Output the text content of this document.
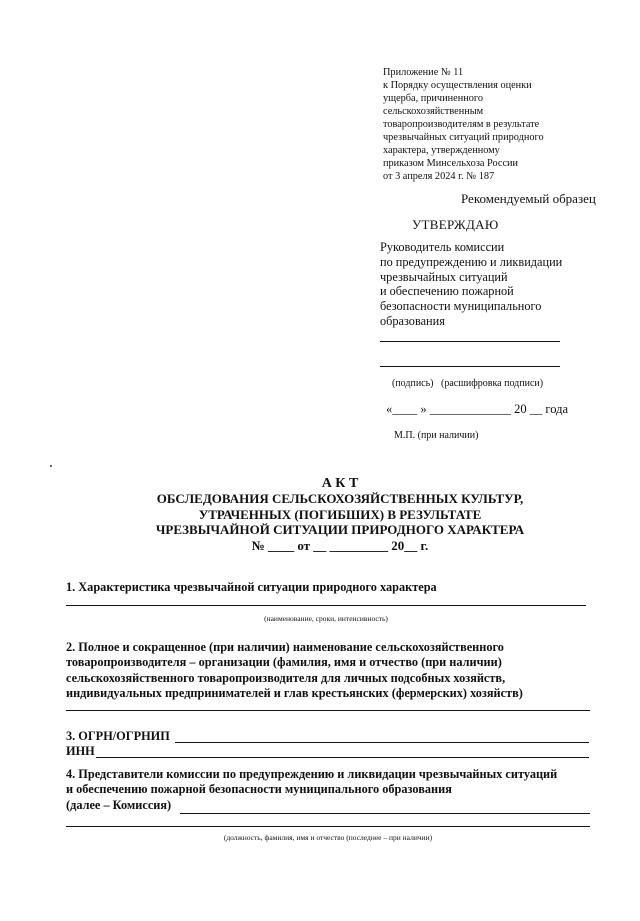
Приложение № 11
к Порядку осуществления оценки
ущерба, причиненного
сельскохозяйственным
товаропроизводителям в результате
чрезвычайных ситуаций природного
характера, утвержденному
приказом Минсельхоза России
от 3 апреля 2024 г. № 187
Рекомендуемый образец
УТВЕРЖДАЮ
Руководитель комиссии
по предупреждению и ликвидации
чрезвычайных ситуаций
и обеспечению пожарной
безопасности муниципального
образования
(подпись)   (расшифровка подписи)
«____ » _____________ 20 __ года
М.П. (при наличии)
А К Т
ОБСЛЕДОВАНИЯ СЕЛЬСКОХОЗЯЙСТВЕННЫХ КУЛЬТУР,
УТРАЧЕННЫХ (ПОГИБШИХ) В РЕЗУЛЬТАТЕ
ЧРЕЗВЫЧАЙНОЙ СИТУАЦИИ ПРИРОДНОГО ХАРАКТЕРА
№ ____ от __ _________ 20__ г.
1. Характеристика чрезвычайной ситуации природного характера
(наименование, сроки, интенсивность)
2. Полное и сокращенное (при наличии) наименование сельскохозяйственного
товаропроизводителя – организации (фамилия, имя и отчество (при наличии)
сельскохозяйственного товаропроизводителя для личных подсобных хозяйств,
индивидуальных предпринимателей и глав крестьянских (фермерских) хозяйств)
3. ОГРН/ОГРНИП
ИНН
4. Представители комиссии по предупреждению и ликвидации чрезвычайных ситуаций
и обеспечению пожарной безопасности муниципального образования
(далее – Комиссия)
(должность, фамилия, имя и отчество (последнее – при наличии)
